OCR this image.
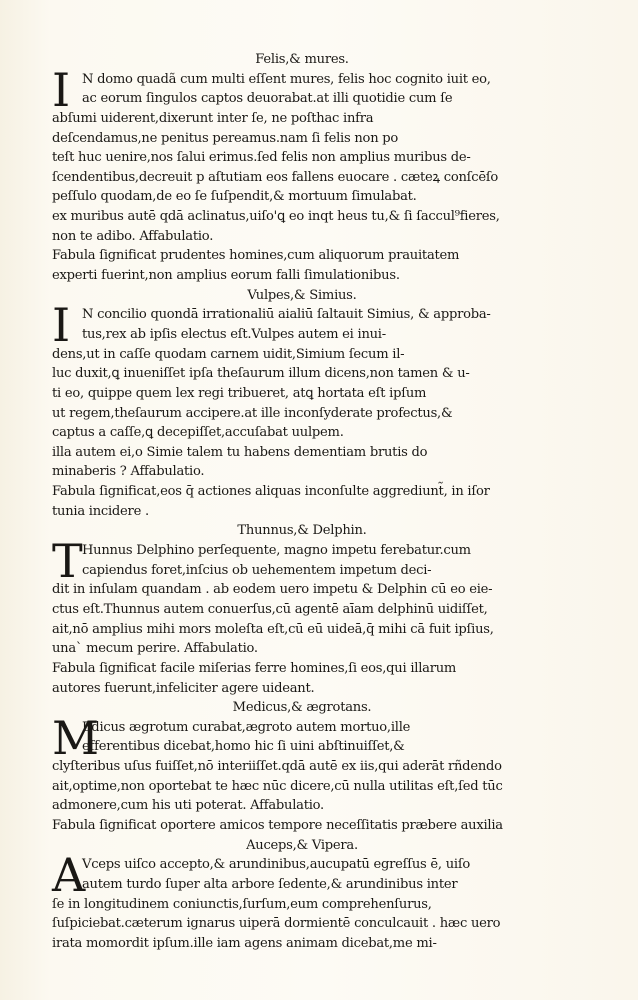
Felis,& mures.
I N domo quadã cum multi eſſent mures, felis hoc cognito iuit eo,
ac eorum ſingulos captos deuorabat.at illi quotidie cum ſe
abſumi uiderent,dixerunt inter ſe, ne poſthac infra
deſcendamus,ne penitus pereamus.nam ſi felis non po
teſt huc uenire,nos ſalui erimus.ſed felis non amplius muribus de-
ſcendentibus,decreuit p aſtutiam eos fallens euocare . cæteꝝ conſcēſo
peſſulo quodam,de eo ſe ſuſpendit,& mortuum ſimulabat.
ex muribus autē qdā aclinatus,uiſo'ꝗ eo inqt heus tu,& ſi ſaccul⁹fieres,
non te adibo. Affabulatio.
Fabula ſignificat prudentes homines,cum aliquorum prauitatem
experti fuerint,non amplius eorum falli ſimulationibus.
Vulpes,& Simius.
I N concilio quondā irrationaliū aialiū ſaltauit Simius, & approba-
tus,rex ab ipſis electus eſt.Vulpes autem ei inui-
dens,ut in caſſe quodam carnem uidit,Simium ſecum il-
luc duxit,ꝗ inueniſſet ipſa theſaurum illum dicens,non tamen & u-
ti eo, quippe quem lex regi tribueret, atꝗ hortata eſt ipſum
ut regem,theſaurum accipere.at ille inconſyderate profectus,&
captus a caſſe,ꝗ decepiſſet,accuſabat uulpem.
illa autem ei,o Simie talem tu habens dementiam brutis do
minaberis ? Affabulatio.
Fabula ſignificat,eos q̄ actiones aliquas inconſulte aggrediunt̃, in iſor
tunia incidere .
Thunnus,& Delphin.
T Hunnus Delphino perſequente, magno impetu ferebatur.cum
capiendus foret,inſcius ob uehementem impetum deci-
dit in inſulam quandam . ab eodem uero impetu & Delphin cū eo eie-
ctus eſt.Thunnus autem conuerſus,cū agentē aīam delphinū uidiſſet,
ait,nō amplius mihi mors moleſta eſt,cū eū uideā,q̄ mihi cā fuit ipſius,
una` mecum perire. Affabulatio.
Fabula ſignificat facile miſerias ferre homines,ſi eos,qui illarum
autores fuerunt,infeliciter agere uideant.
Medicus,& ægrotans.
M
Edicus ægrotum curabat,ægroto autem mortuo,ille
efferentibus dicebat,homo hic ſi uini abſtinuiſſet,&
clyſteribus uſus fuiſſet,nō interiiſſet.qdā autē ex iis,qui aderāt rñdendo
ait,optime,non oportebat te hæc nūc dicere,cū nulla utilitas eſt,ſed tūc
admonere,cum his uti poterat. Affabulatio.
Fabula ſignificat oportere amicos tempore neceſſitatis præbere auxilia
Auceps,& Vipera.
A
Vceps uiſco accepto,& arundinibus,aucupatū egreſſus ē, uiſo
autem turdo ſuper alta arbore ſedente,& arundinibus inter
ſe in longitudinem coniunctis,ſurſum,eum comprehenſurus,
ſuſpiciebat.cæterum ignarus uiperā dormientē conculcauit . hæc uero
irata momordit ipſum.ille iam agens animam dicebat,me mi-
